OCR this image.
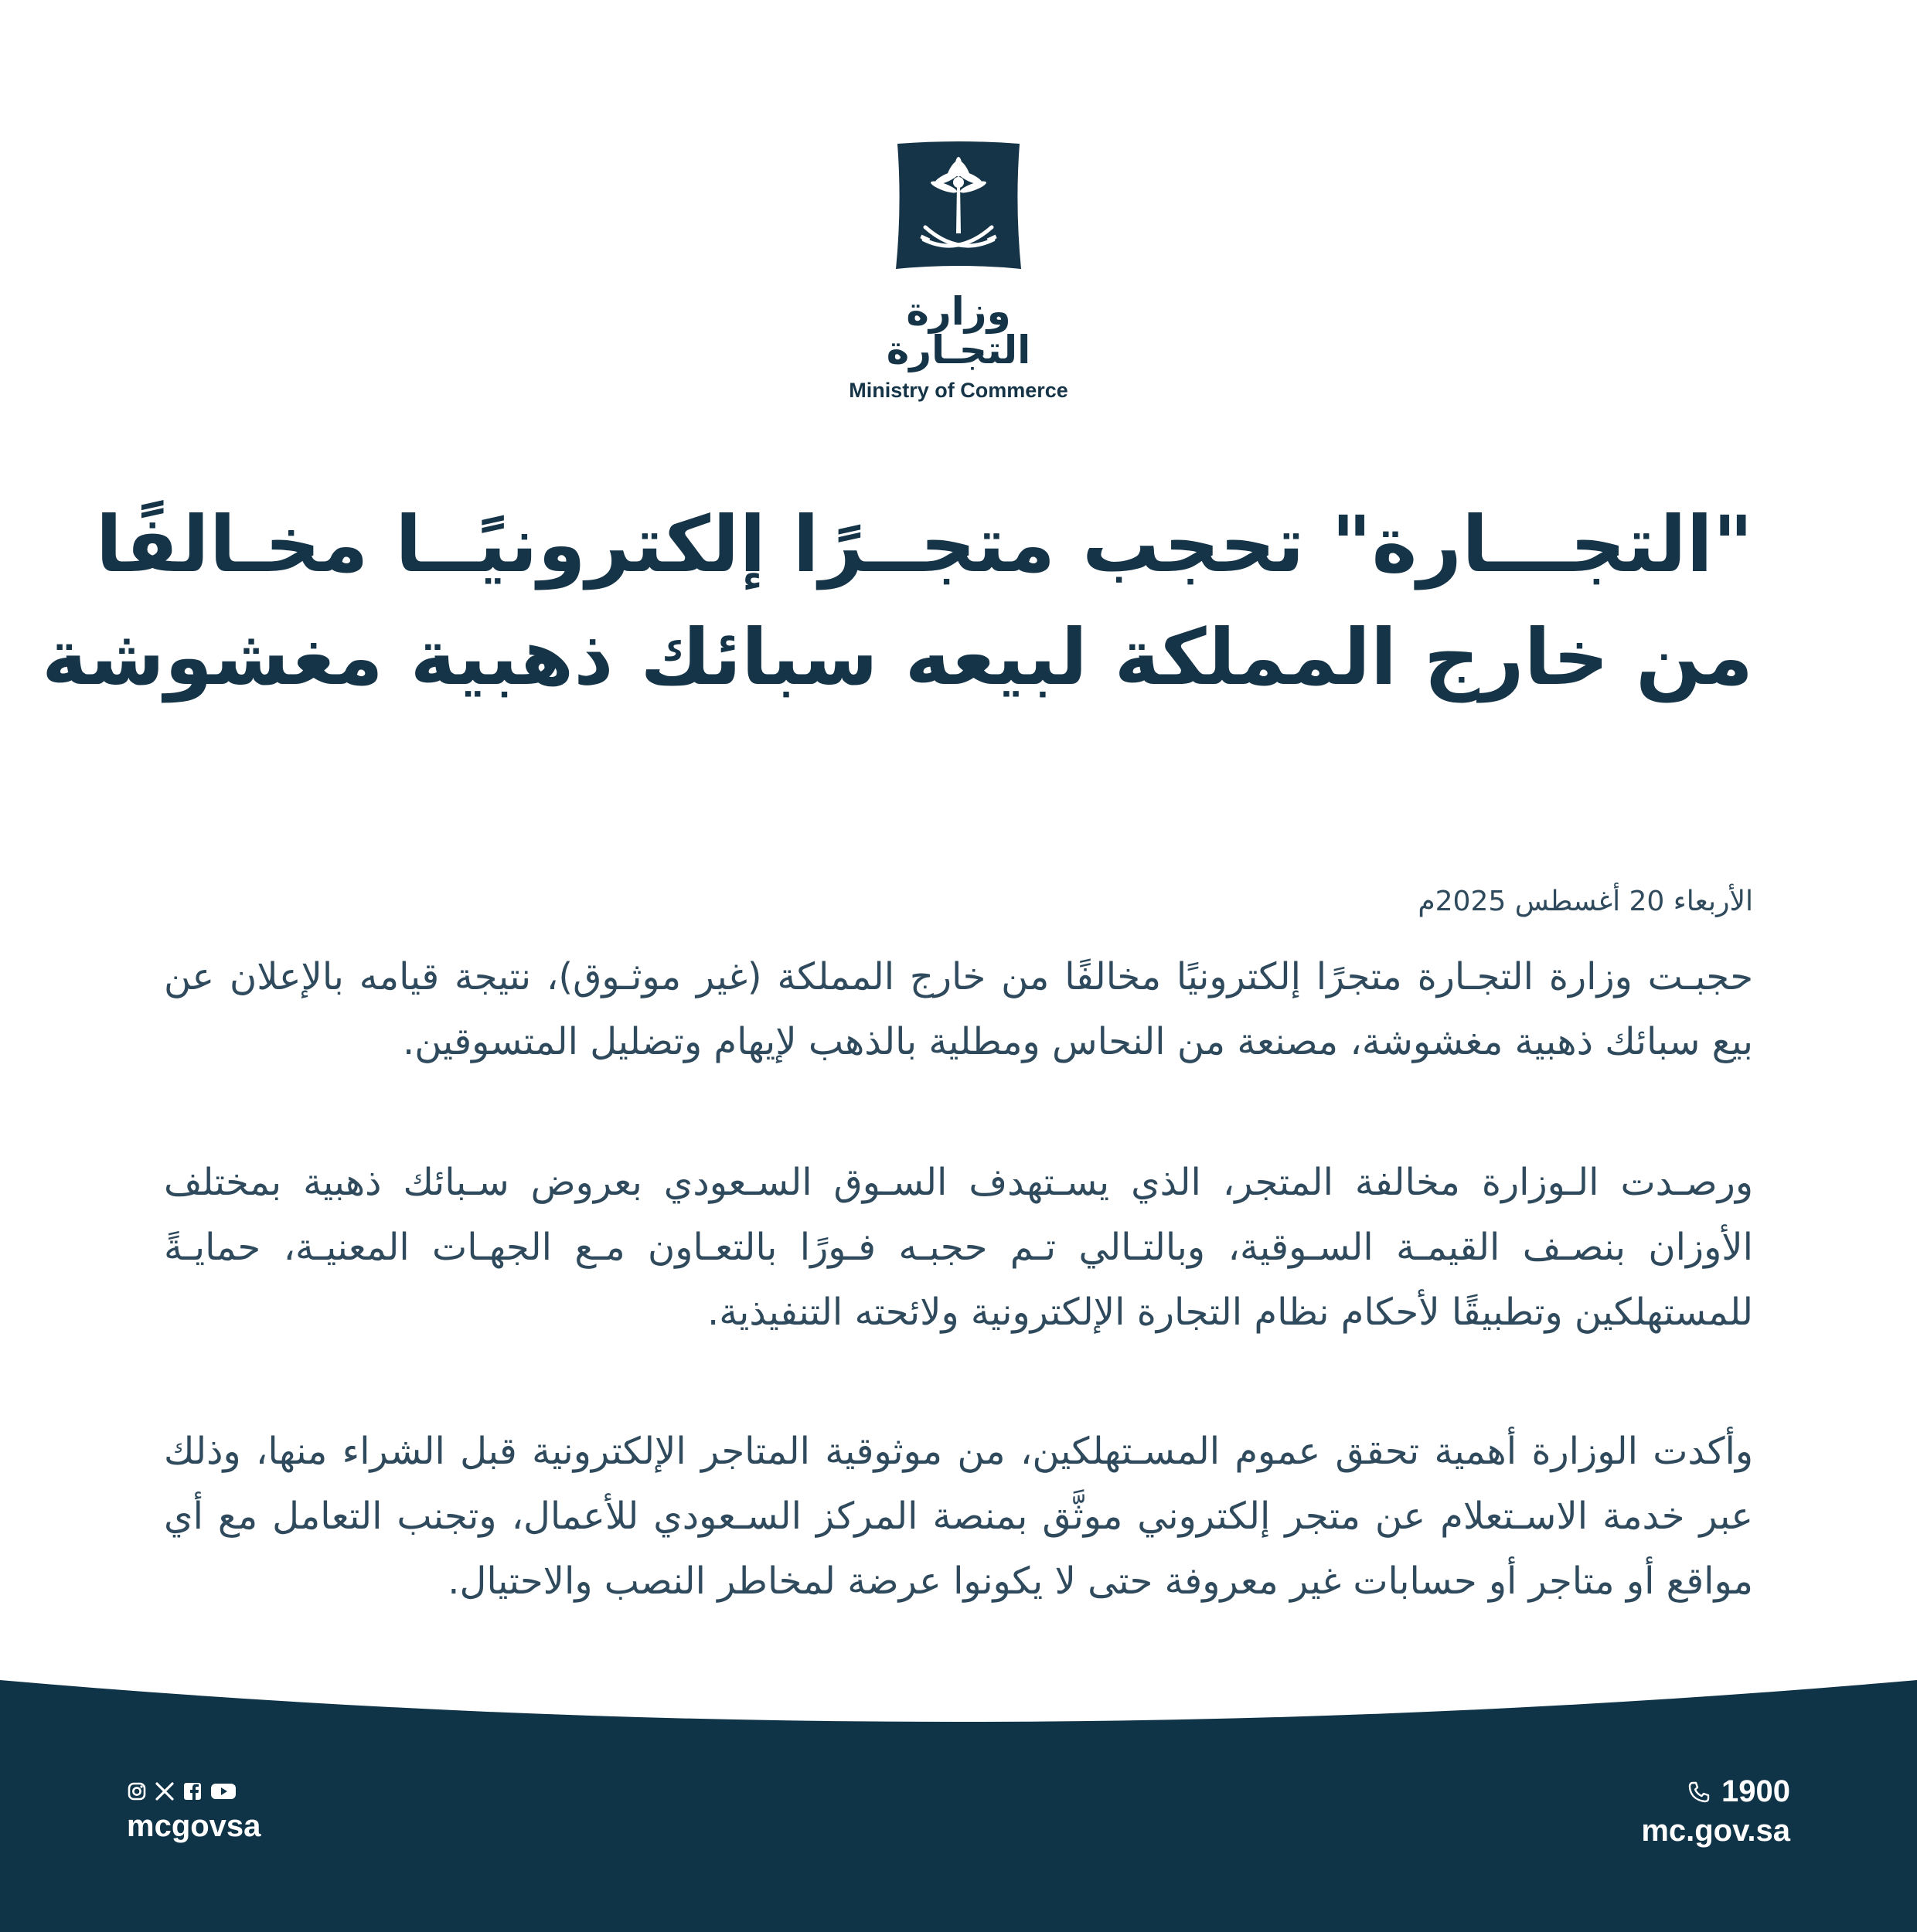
وزارة التجـارة
Ministry of Commerce
"التجـــارة" تحجب متجــرًا إلكترونيًــا مخـالفًا
من خارج المملكة لبيعه سبائك ذهبية مغشوشة
الأربعاء 20 أغسطس 2025م

حجبـت وزارة التجـارة متجرًا إلكترونيًا مخالفًا من خارج المملكة (غير موثـوق)، نتيجة قيامه بالإعلان عن بيع سبائك ذهبية مغشوشة، مصنعة من النحاس ومطلية بالذهب لإيهام وتضليل المتسوقين.

ورصـدت الـوزارة مخالفة المتجر، الذي يسـتهدف السـوق السـعودي بعروض سـبائك ذهبية بمختلف الأوزان بنصـف القيمـة السـوقية، وبالتـالي تـم حجبـه فـورًا بالتعـاون مـع الجهـات المعنيـة، حمايـةً للمستهلكين وتطبيقًا لأحكام نظام التجارة الإلكترونية ولائحته التنفيذية.

وأكدت الوزارة أهمية تحقق عموم المسـتهلكين، من موثوقية المتاجر الإلكترونية قبل الشراء منها، وذلك عبر خدمة الاسـتعلام عن متجر إلكتروني موثَّق بمنصة المركز السـعودي للأعمال، وتجنب التعامل مع أي مواقع أو متاجر أو حسابات غير معروفة حتى لا يكونوا عرضة لمخاطر النصب والاحتيال.

mcgovsa
1900
mc.gov.sa
